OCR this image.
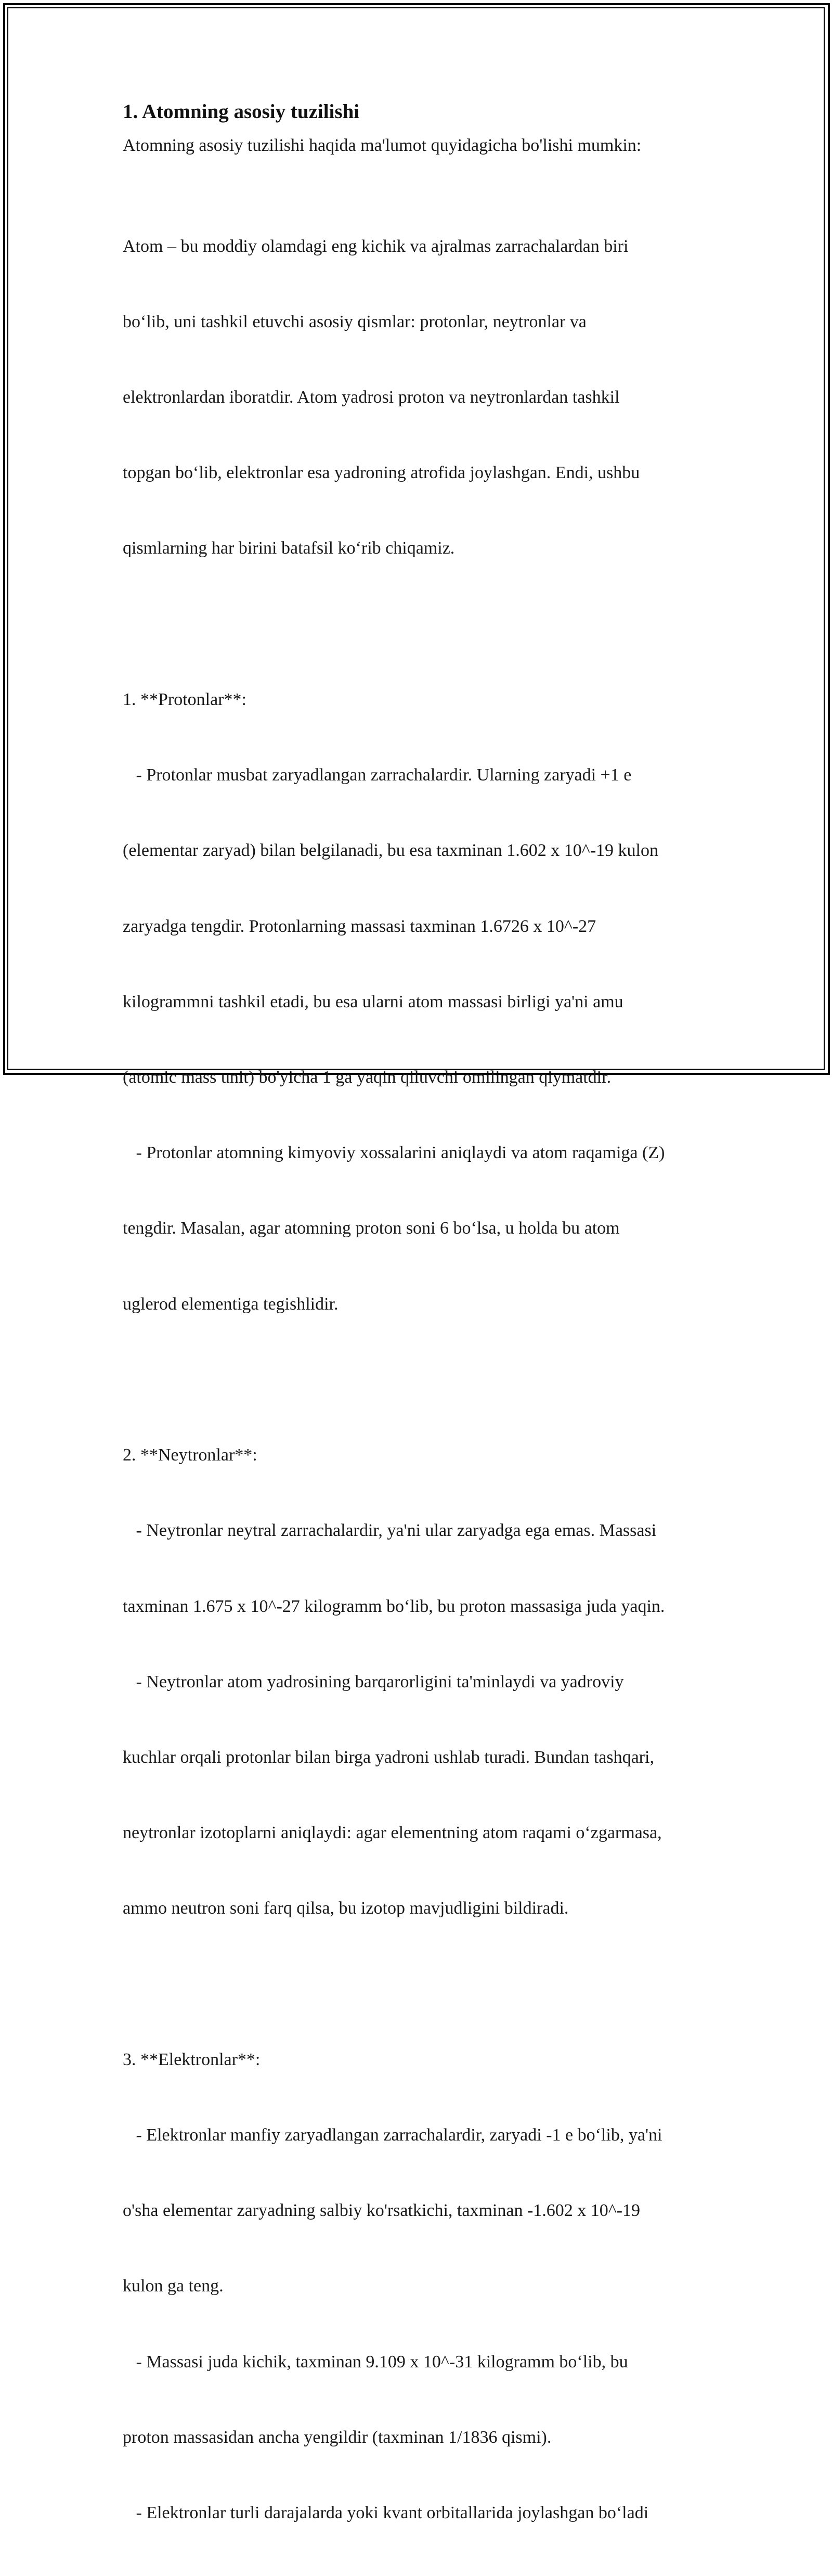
1. Atomning asosiy tuzilishi

Atomning asosiy tuzilishi haqida ma'lumot quyidagicha bo'lishi mumkin:

Atom – bu moddiy olamdagi eng kichik va ajralmas zarrachalardan biri

bo‘lib, uni tashkil etuvchi asosiy qismlar: protonlar, neytronlar va

elektronlardan iboratdir. Atom yadrosi proton va neytronlardan tashkil

topgan bo‘lib, elektronlar esa yadroning atrofida joylashgan. Endi, ushbu

qismlarning har birini batafsil ko‘rib chiqamiz.

1. **Protonlar**:

- Protonlar musbat zaryadlangan zarrachalardir. Ularning zaryadi +1 e

(elementar zaryad) bilan belgilanadi, bu esa taxminan 1.602 x 10^-19 kulon

zaryadga tengdir. Protonlarning massasi taxminan 1.6726 x 10^-27

kilogrammni tashkil etadi, bu esa ularni atom massasi birligi ya'ni amu

(atomic mass unit) bo'yicha 1 ga yaqin qiluvchi omilingan qiymatdir.

- Protonlar atomning kimyoviy xossalarini aniqlaydi va atom raqamiga (Z)

tengdir. Masalan, agar atomning proton soni 6 bo‘lsa, u holda bu atom

uglerod elementiga tegishlidir.

2. **Neytronlar**:

- Neytronlar neytral zarrachalardir, ya'ni ular zaryadga ega emas. Massasi

taxminan 1.675 x 10^-27 kilogramm bo‘lib, bu proton massasiga juda yaqin.

- Neytronlar atom yadrosining barqarorligini ta'minlaydi va yadroviy

kuchlar orqali protonlar bilan birga yadroni ushlab turadi. Bundan tashqari,

neytronlar izotoplarni aniqlaydi: agar elementning atom raqami o‘zgarmasa,

ammo neutron soni farq qilsa, bu izotop mavjudligini bildiradi.

3. **Elektronlar**:

- Elektronlar manfiy zaryadlangan zarrachalardir, zaryadi -1 e bo‘lib, ya'ni

o'sha elementar zaryadning salbiy ko'rsatkichi, taxminan -1.602 x 10^-19

kulon ga teng.

- Massasi juda kichik, taxminan 9.109 x 10^-31 kilogramm bo‘lib, bu

proton massasidan ancha yengildir (taxminan 1/1836 qismi).

- Elektronlar turli darajalarda yoki kvant orbitallarida joylashgan bo‘ladi
